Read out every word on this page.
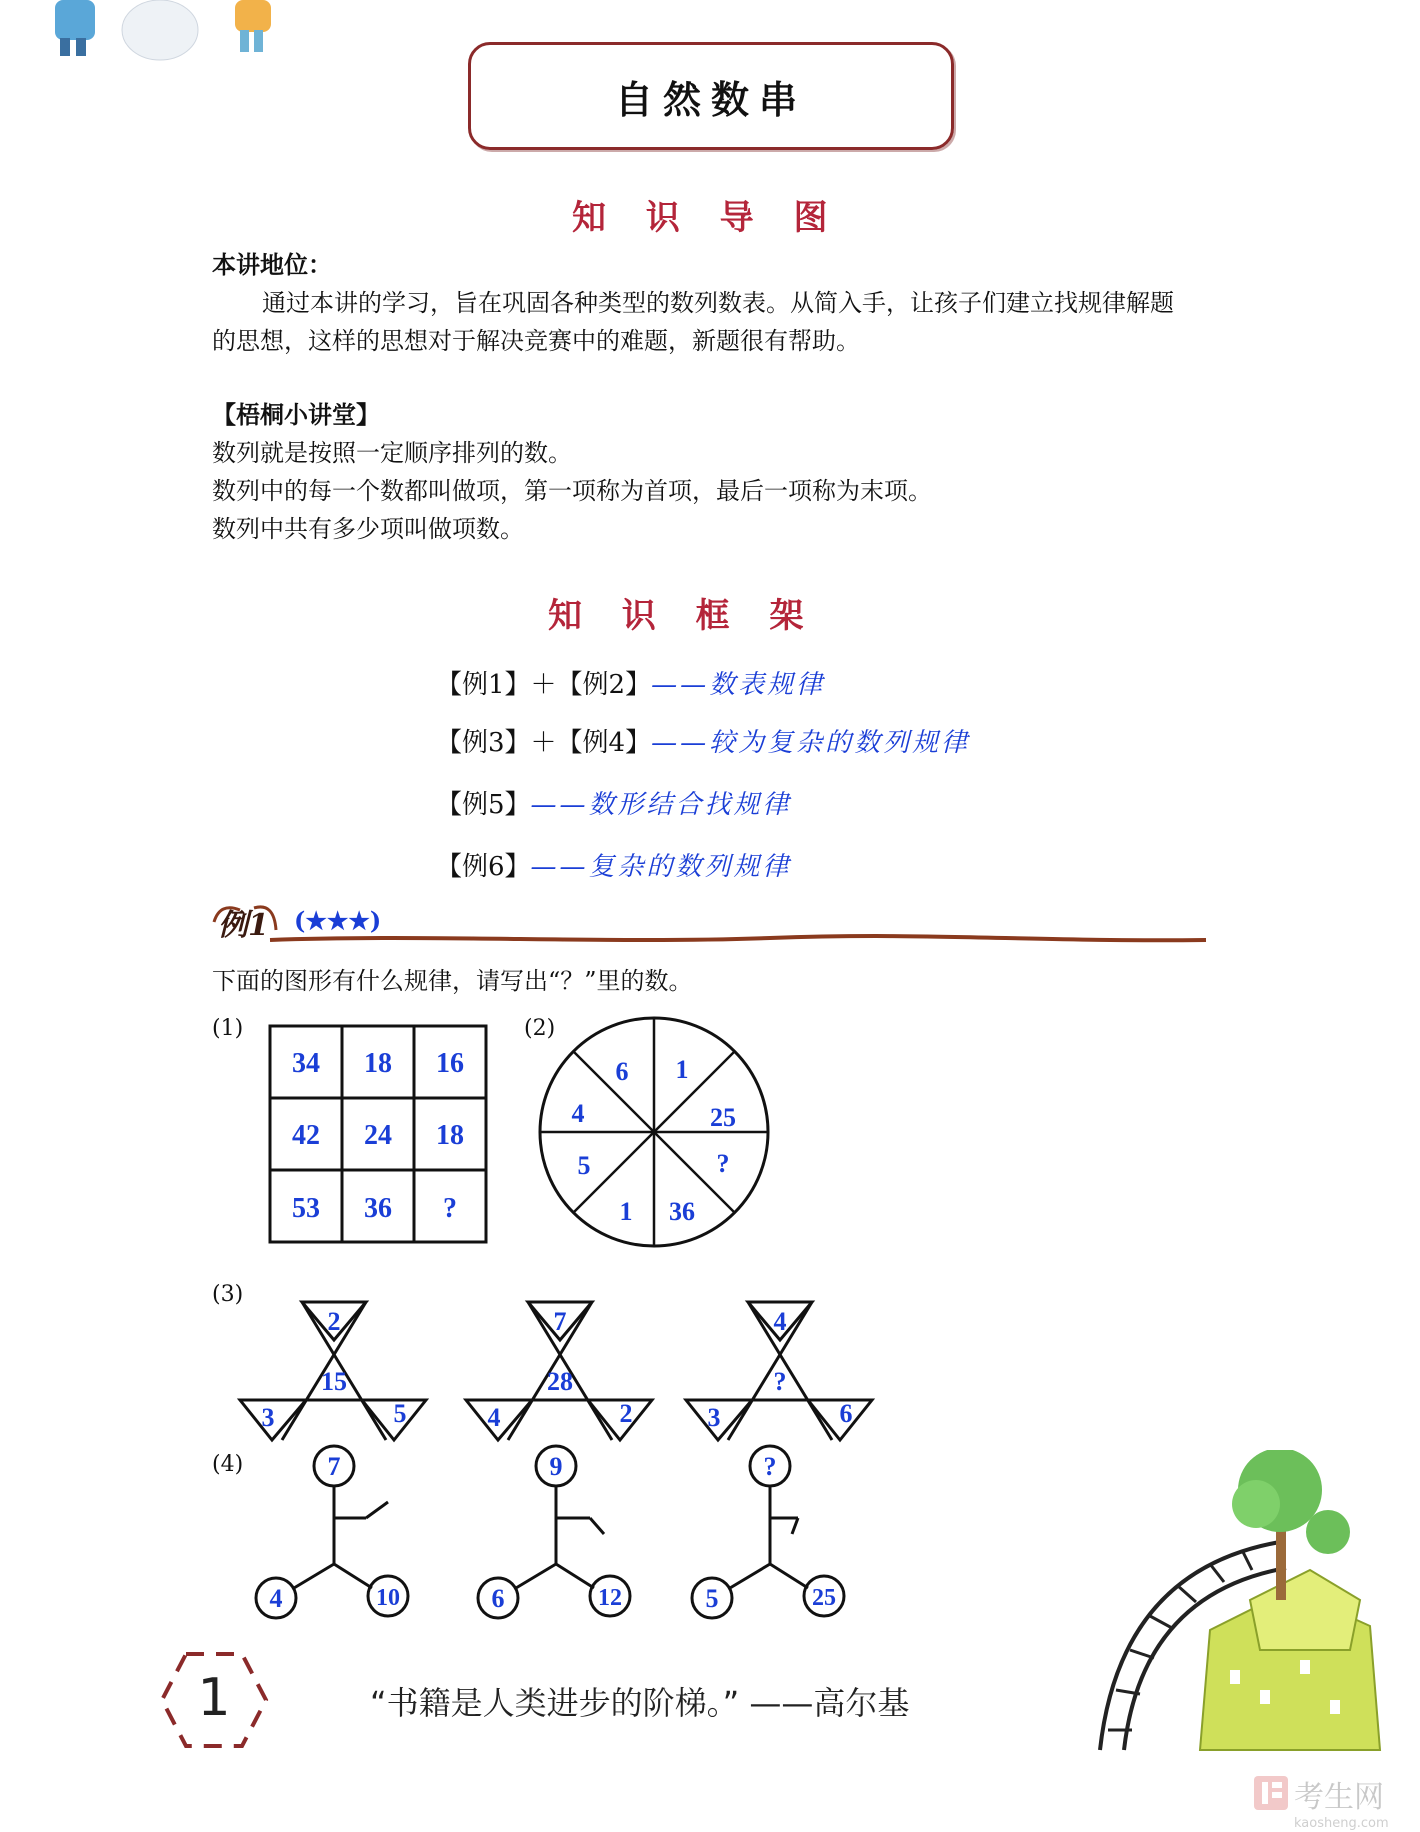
自然数串
知 识 导 图
本讲地位：
通过本讲的学习，旨在巩固各种类型的数列数表。从简入手，让孩子们建立找规律解题
的思想，这样的思想对于解决竞赛中的难题，新题很有帮助。
【梧桐小讲堂】
数列就是按照一定顺序排列的数。
数列中的每一个数都叫做项，第一项称为首项，最后一项称为末项。
数列中共有多少项叫做项数。
知 识 框 架
【例1】＋【例2】——数表规律
【例3】＋【例4】——较为复杂的数列规律
【例5】——数形结合找规律
【例6】——复杂的数列规律
例1 (★★★)
下面的图形有什么规律，请写出“？”里的数。
(1)	(2)
(3)
(4)
34 18 16
42 24 18
53 36 ?
6 1
25
?
36
1
5
4
2
15
3	5
7
28
4	2
4
?
3	6
7
4	10
9
6	12
?
5	25
1	“书籍是人类进步的阶梯。” ——高尔基
考生网
kaosheng.com
